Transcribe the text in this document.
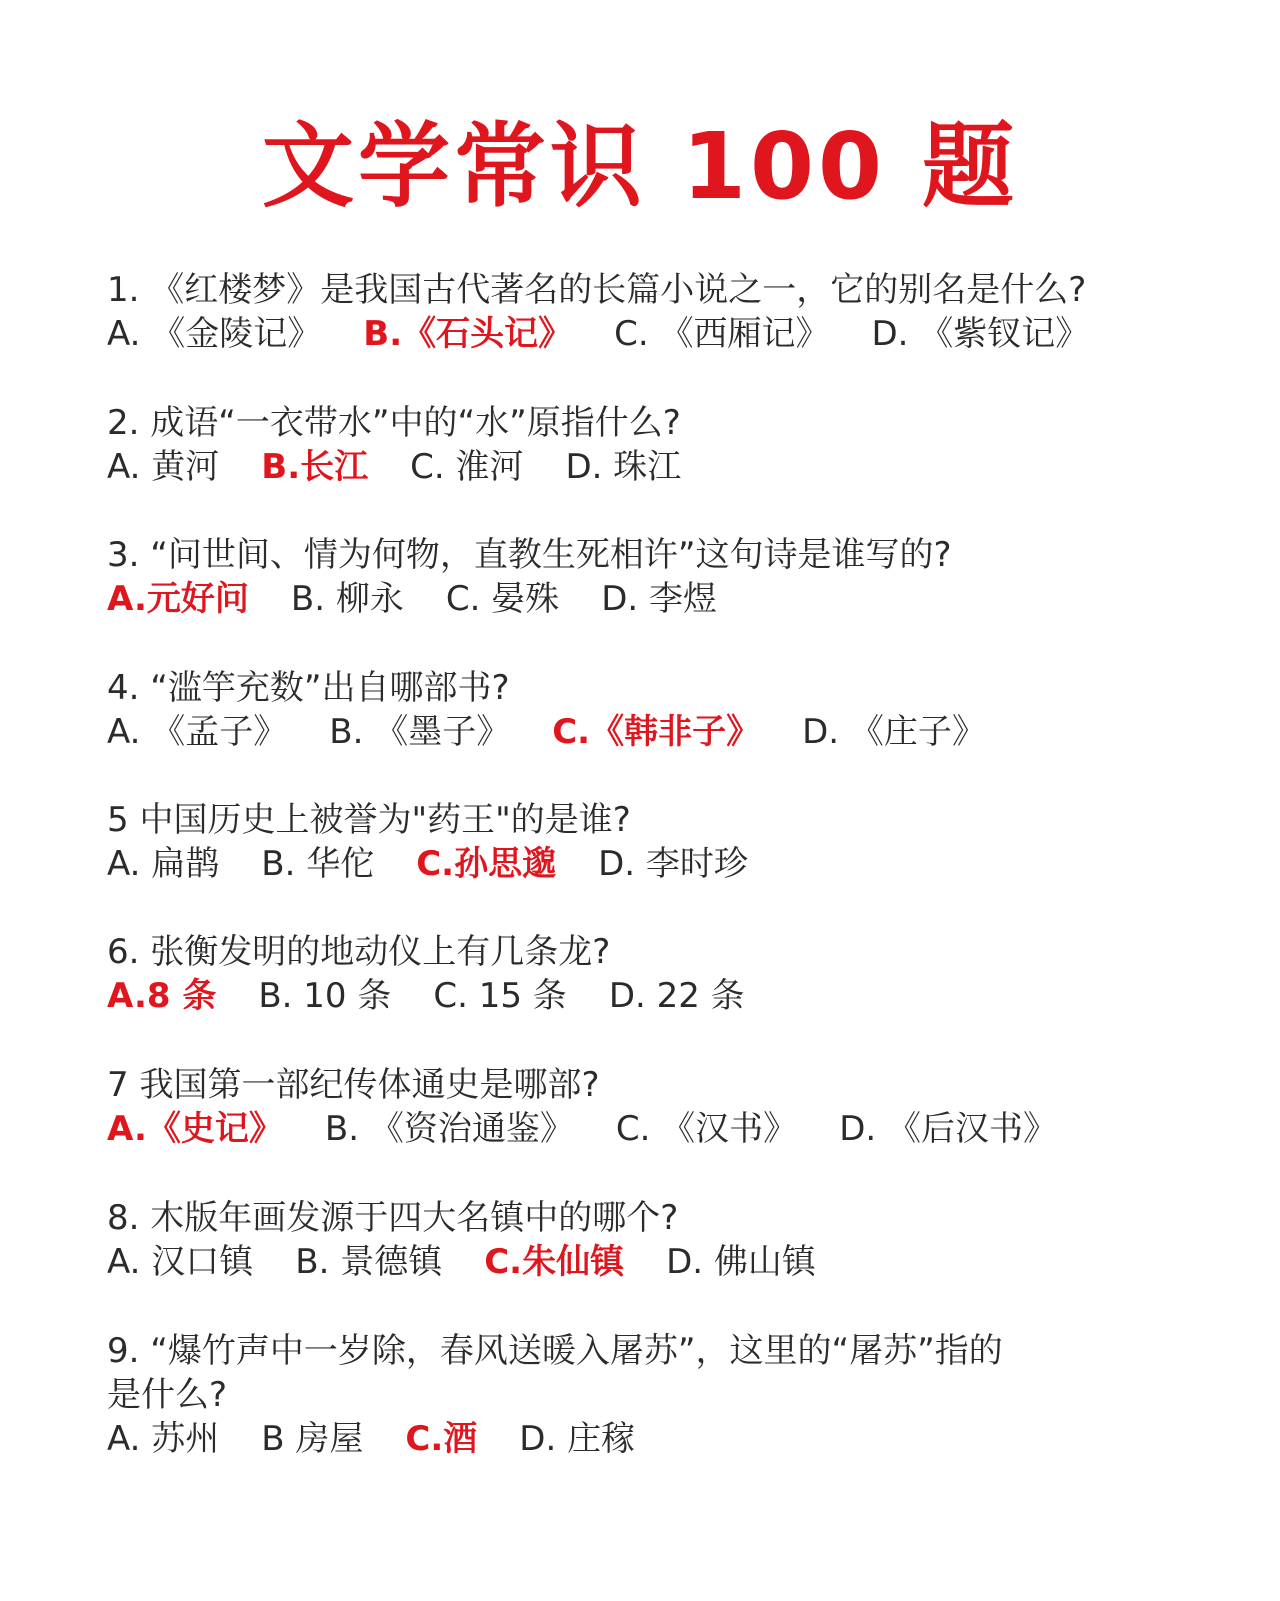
文学常识 100 题
1. 《红楼梦》是我国古代著名的长篇小说之一，它的别名是什么?
A. 《金陵记》 B.《石头记》 C. 《西厢记》 D. 《紫钗记》
2. 成语“一衣带水”中的“水”原指什么?
A. 黄河 B.长江 C. 淮河 D. 珠江
3. “问世间、情为何物，直教生死相许”这句诗是谁写的?
A.元好问 B. 柳永 C. 晏殊 D. 李煜
4. “滥竽充数”出自哪部书?
A. 《孟子》 B. 《墨子》 C.《韩非子》 D. 《庄子》
5 中国历史上被誉为"药王"的是谁?
A. 扁鹊 B. 华佗 C.孙思邈 D. 李时珍
6. 张衡发明的地动仪上有几条龙?
A.8 条 B. 10 条 C. 15 条 D. 22 条
7 我国第一部纪传体通史是哪部?
A.《史记》 B. 《资治通鉴》 C. 《汉书》 D. 《后汉书》
8. 木版年画发源于四大名镇中的哪个?
A. 汉口镇 B. 景德镇 C.朱仙镇 D. 佛山镇
9. “爆竹声中一岁除，春风送暖入屠苏”，这里的“屠苏”指的
是什么?
A. 苏州 B 房屋 C.酒 D. 庄稼
